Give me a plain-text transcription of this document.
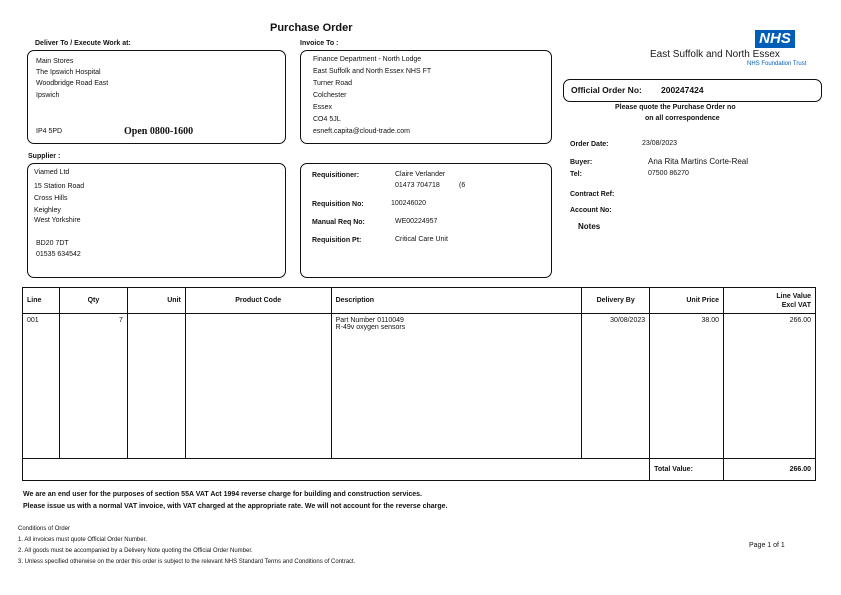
Purchase Order
Deliver To / Execute Work at:	Invoice To :
Main Stores
The Ipswich Hospital
Woodbridge Road East
Ipswich
IP4 5PD	Open 0800-1600
Finance Department - North Lodge
East Suffolk and North Essex NHS FT
Turner Road
Colchester
Essex
CO4 5JL
esneft.capita@cloud-trade.com
NHS
East Suffolk and North Essex
NHS Foundation Trust
Official Order No: 200247424
Please quote the Purchase Order no
on all correspondence
Order Date:	23/08/2023
Buyer:	Ana Rita Martins Corte-Real
Tel:	07500 86270
Contract Ref:
Account No:
Notes
Supplier :
Viamed Ltd
15 Station Road
Cross Hills
Keighley
West Yorkshire
BD20 7DT
01535 634542
Requisitioner:	Claire Verlander
01473 704718	(6
Requisition No:	100246020
Manual Req No:	WE00224957
Requisition Pt:	Critical Care Unit
Line	Qty	Unit	Product Code	Description	Delivery By	Unit Price	Line Value
Excl VAT
001	7			Part Number 0110049
R-49v oxygen sensors	30/08/2023	38.00	266.00
						Total Value:	266.00
We are an end user for the purposes of section 55A VAT Act 1994 reverse charge for building and construction services.
Please issue us with a normal VAT invoice, with VAT charged at the appropriate rate. We will not account for the reverse charge.
Conditions of Order
1. All invoices must quote Official Order Number.
2. All goods must be accompanied by a Delivery Note quoting the Official Order Number.
3. Unless specified otherwise on the order this order is subject to the relevant NHS Standard Terms and Conditions of Contract.
Page 1 of 1
